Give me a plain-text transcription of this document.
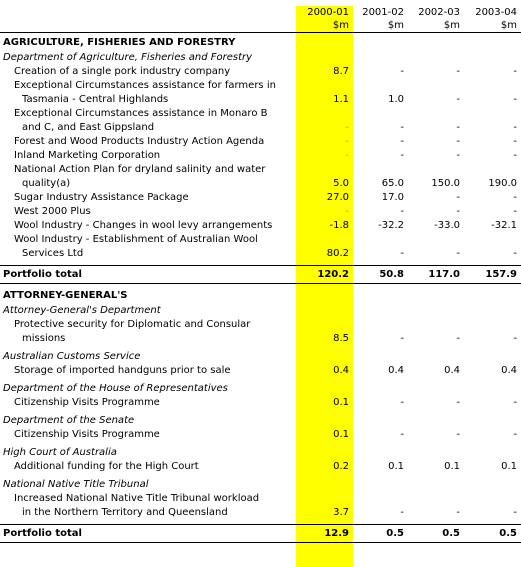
	2000-01	2001-02	2002-03	2003-04
	$m	$m	$m	$m

AGRICULTURE, FISHERIES AND FORESTRY				
Department of Agriculture, Fisheries and Forestry				
Creation of a single pork industry company	8.7	-	-	-
Exceptional Circumstances assistance for farmers in				
Tasmania - Central Highlands	1.1	1.0	-	-
Exceptional Circumstances assistance in Monaro B				
and C, and East Gippsland	-	-	-	-
Forest and Wood Products Industry Action Agenda	-	-	-	-
Inland Marketing Corporation	-	-	-	-
National Action Plan for dryland salinity and water				
quality(a)	5.0	65.0	150.0	190.0
Sugar Industry Assistance Package	27.0	17.0	-	-
West 2000 Plus	-	-	-	-
Wool Industry - Changes in wool levy arrangements	-1.8	-32.2	-33.0	-32.1
Wool Industry - Establishment of Australian Wool				
Services Ltd	80.2	-	-	-

Portfolio total	120.2	50.8	117.0	157.9

ATTORNEY-GENERAL'S				
Attorney-General's Department				
Protective security for Diplomatic and Consular				
missions	8.5	-	-	-

Australian Customs Service				
Storage of imported handguns prior to sale	0.4	0.4	0.4	0.4

Department of the House of Representatives				
Citizenship Visits Programme	0.1	-	-	-

Department of the Senate				
Citizenship Visits Programme	0.1	-	-	-

High Court of Australia				
Additional funding for the High Court	0.2	0.1	0.1	0.1

National Native Title Tribunal				
Increased National Native Title Tribunal workload				
in the Northern Territory and Queensland	3.7	-	-	-

Portfolio total	12.9	0.5	0.5	0.5
